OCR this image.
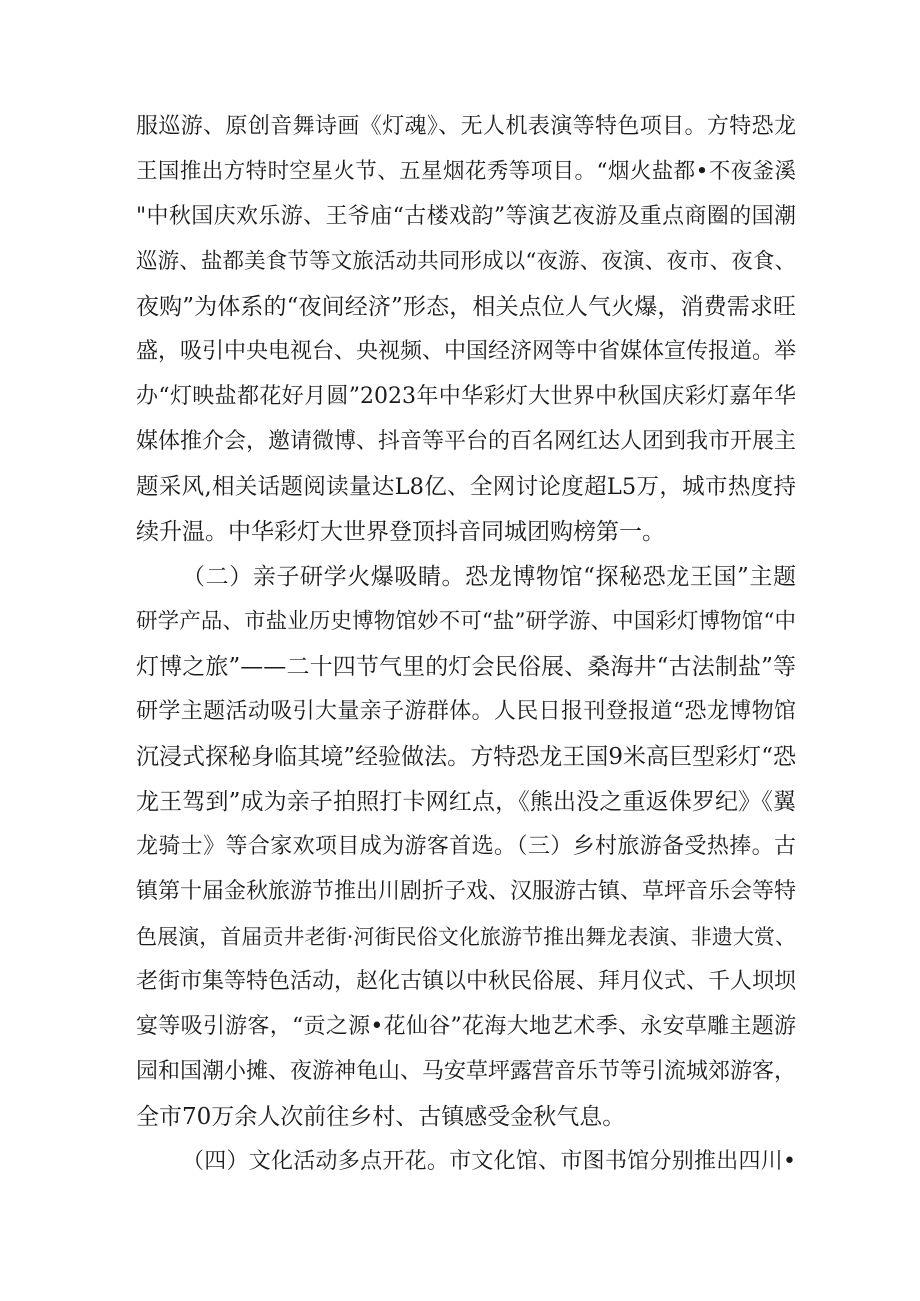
服巡游、原创音舞诗画《灯魂》、无人机表演等特色项目。方特恐龙
王国推出方特时空星火节、五星烟花秀等项目。“烟火盐都•不夜釜溪
"中秋国庆欢乐游、王爷庙“古楼戏韵”等演艺夜游及重点商圈的国潮
巡游、盐都美食节等文旅活动共同形成以“夜游、夜演、夜市、夜食、
夜购”为体系的“夜间经济”形态，相关点位人气火爆，消费需求旺
盛，吸引中央电视台、央视频、中国经济网等中省媒体宣传报道。举
办“灯映盐都花好月圆”2023年中华彩灯大世界中秋国庆彩灯嘉年华
媒体推介会，邀请微博、抖音等平台的百名网红达人团到我市开展主
题采风,相关话题阅读量达L8亿、全网讨论度超L5万，城市热度持
续升温。中华彩灯大世界登顶抖音同城团购榜第一。
（二）亲子研学火爆吸睛。恐龙博物馆“探秘恐龙王国”主题
研学产品、市盐业历史博物馆妙不可“盐”研学游、中国彩灯博物馆“中
灯博之旅”——二十四节气里的灯会民俗展、桑海井“古法制盐”等
研学主题活动吸引大量亲子游群体。人民日报刊登报道“恐龙博物馆
沉浸式探秘身临其境”经验做法。方特恐龙王国9米高巨型彩灯“恐
龙王驾到”成为亲子拍照打卡网红点，《熊出没之重返侏罗纪》《翼
龙骑士》等合家欢项目成为游客首选。（三）乡村旅游备受热捧。古
镇第十届金秋旅游节推出川剧折子戏、汉服游古镇、草坪音乐会等特
色展演，首届贡井老街·河街民俗文化旅游节推出舞龙表演、非遗大赏、
老街市集等特色活动，赵化古镇以中秋民俗展、拜月仪式、千人坝坝
宴等吸引游客，“贡之源•花仙谷”花海大地艺术季、永安草雕主题游
园和国潮小摊、夜游神龟山、马安草坪露营音乐节等引流城郊游客，
全市70万余人次前往乡村、古镇感受金秋气息。
（四）文化活动多点开花。市文化馆、市图书馆分别推出四川•
